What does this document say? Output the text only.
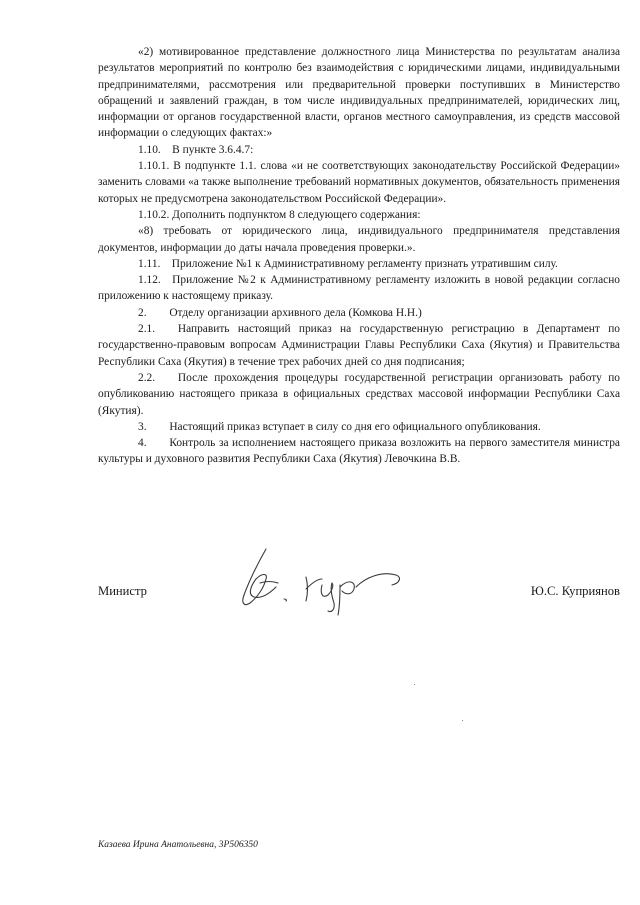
«2) мотивированное представление должностного лица Министерства по результатам анализа результатов мероприятий по контролю без взаимодействия с юридическими лицами, индивидуальными предпринимателями, рассмотрения или предварительной проверки поступивших в Министерство обращений и заявлений граждан, в том числе индивидуальных предпринимателей, юридических лиц, информации от органов государственной власти, органов местного самоуправления, из средств массовой информации о следующих фактах:»

1.10. В пункте 3.6.4.7:

1.10.1. В подпункте 1.1. слова «и не соответствующих законодательству Российской Федерации» заменить словами «а также выполнение требований нормативных документов, обязательность применения которых не предусмотрена законодательством Российской Федерации».

1.10.2. Дополнить подпунктом 8 следующего содержания:

«8) требовать от юридического лица, индивидуального предпринимателя представления документов, информации до даты начала проведения проверки.».

1.11. Приложение №1 к Административному регламенту признать утратившим силу.

1.12. Приложение №2 к Административному регламенту изложить в новой редакции согласно приложению к настоящему приказу.

2.  Отделу организации архивного дела (Комкова Н.Н.)

2.1.  Направить настоящий приказ на государственную регистрацию в Департамент по государственно-правовым вопросам Администрации Главы Республики Саха (Якутия) и Правительства Республики Саха (Якутия) в течение трех рабочих дней со дня подписания;

2.2.  После прохождения процедуры государственной регистрации организовать работу по опубликованию настоящего приказа в официальных средствах массовой информации Республики Саха (Якутия).

3.  Настоящий приказ вступает в силу со дня его официального опубликования.

4.  Контроль за исполнением настоящего приказа возложить на первого заместителя министра культуры и духовного развития Республики Саха (Якутия) Левочкина В.В.

Министр	Ю.С. Куприянов
Казаева Ирина Анатольевна, 3P506350
